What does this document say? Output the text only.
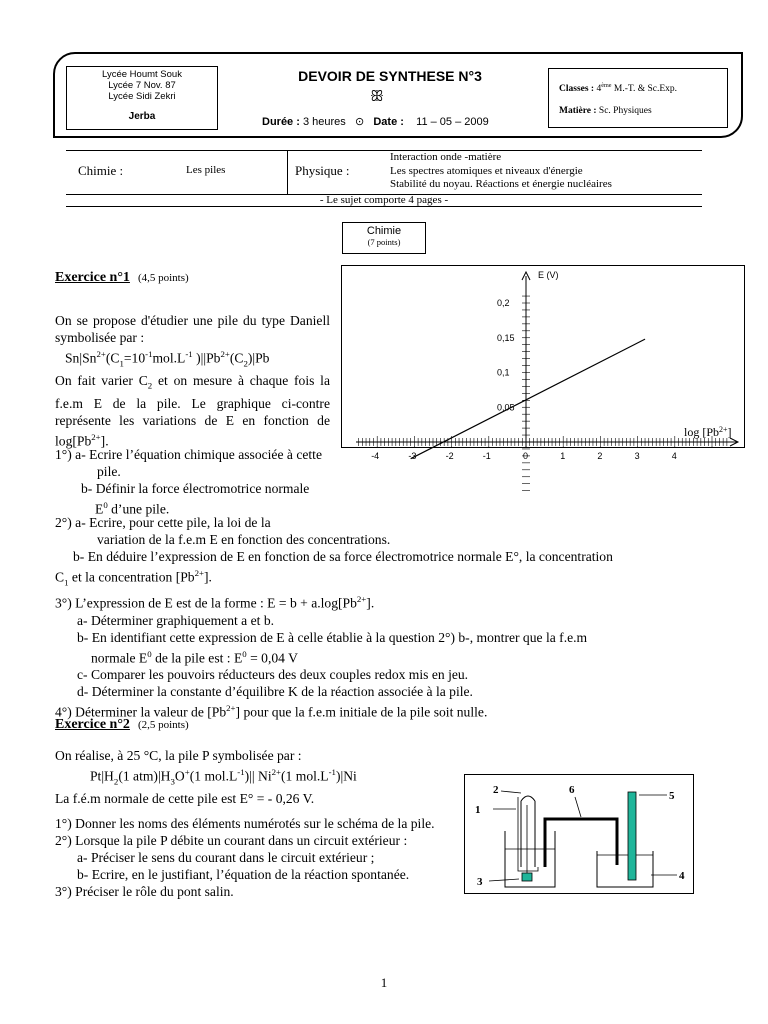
Lycée Houmt Souk
Lycée 7 Nov. 87
Lycée Sidi Zekri
Jerba
DEVOIR DE SYNTHESE N°3
ꕥ
Durée : 3 heures ⊙ Date : 11 – 05 – 2009
Classes : 4ème M.-T. & Sc.Exp.
Matière : Sc. Physiques
Chimie :	Les piles	Physique :
Interaction onde -matière
Les spectres atomiques et niveaux d'énergie
Stabilité du noyau. Réactions et énergie nucléaires
- Le sujet comporte 4 pages -
Chimie
(7 points)
Exercice n°1 (4,5 points)
On se propose d'étudier une pile du type Daniell symbolisée par :
$Sn|Sn^{2+}(C_1=10^{-1}mol.L^{-1}$ )$||Pb^{2+}(C_2)|Pb$
On fait varier $C_2$ et on mesure à chaque fois la f.e.m E de la pile. Le graphique ci-contre représente les variations de E en fonction de $\log[Pb^{2+}]$.
1°) a- Ecrire l’équation chimique associée à cette pile.
b- Définir la force électromotrice normale $E^0$ d’une pile.
2°) a- Ecrire, pour cette pile, la loi de la
variation de la f.e.m E en fonction des concentrations.
b- En déduire l’expression de E en fonction de sa force électromotrice normale E°, la concentration
$C_1$ et la concentration $[Pb^{2+}]$.
3°) L’expression de E est de la forme : $E = b + a.\log[Pb^{2+}]$.
a- Déterminer graphiquement a et b.
b- En identifiant cette expression de E à celle établie à la question 2°) b-, montrer que la f.e.m
normale $E^0$ de la pile est : $E^0 = 0,04$ V
c- Comparer les pouvoirs réducteurs des deux couples redox mis en jeu.
d- Déterminer la constante d’équilibre K de la réaction associée à la pile.
4°) Déterminer la valeur de $[Pb^{2+}]$ pour que la f.e.m initiale de la pile soit nulle.
-4	-3	-2	-1	0	1	2	3	4
0,05
0,1
0,15
0,2
E (V)
$\log [Pb^{2+}]$
Exercice n°2 (2,5 points)
On réalise, à 25 °C, la pile P symbolisée par :
$Pt|H_2(1$ $atm)|H_3O^+(1$ $mol.L^{-1})||$ $Ni^{2+}(1$ $mol.L^{-1})|Ni$
La f.é.m normale de cette pile est E° = - 0,26 V.
1°) Donner les noms des éléments numérotés sur le schéma de la pile.
2°) Lorsque la pile P débite un courant dans un circuit extérieur :
a- Préciser le sens du courant dans le circuit extérieur ;
b- Ecrire, en le justifiant, l’équation de la réaction spontanée.
3°) Préciser le rôle du pont salin.
1
2
3	4
5
6
1
